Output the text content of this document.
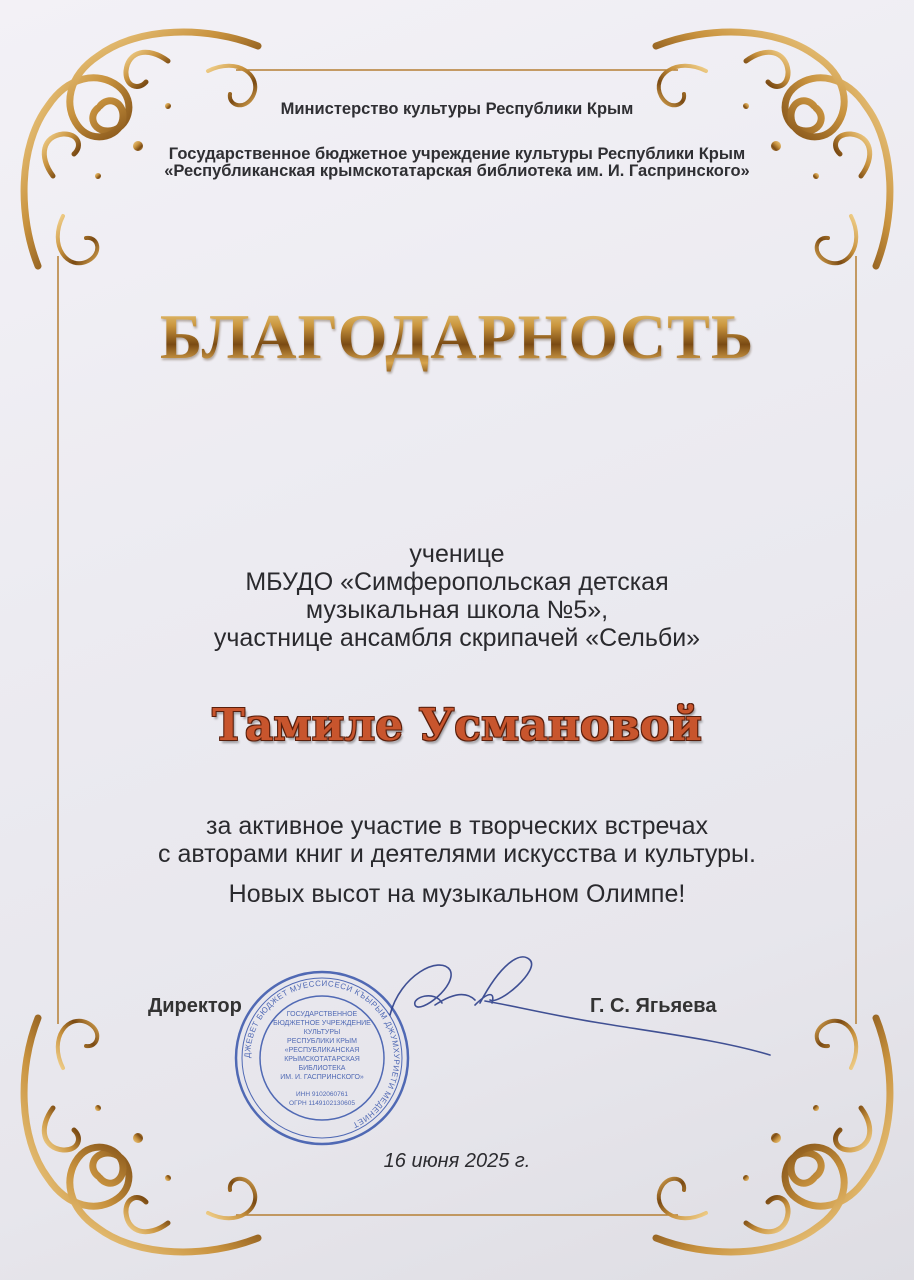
Министерство культуры Республики Крым
Государственное бюджетное учреждение культуры Республики Крым
«Республиканская крымскотатарская библиотека им. И. Гаспринского»
БЛАГОДАРНОСТЬ
ученице
МБУДО «Симферопольская детская
музыкальная школа №5»,
участнице ансамбля скрипачей «Сельби»
Тамиле Усмановой
за активное участие в творческих встречах
с авторами книг и деятелями искусства и культуры.
Новых высот на музыкальном Олимпе!
Директор	Г. С. Ягьяева
ДЖЕВЕТ БЮДЖЕТ МУЕССИСЕСИ КЪЫРЫМ ДЖУМХУРИЕТИ МЕДЕНИЕТ
ГОСУДАРСТВЕННОЕ
БЮДЖЕТНОЕ УЧРЕЖДЕНИЕ
КУЛЬТУРЫ
РЕСПУБЛИКИ КРЫМ
«РЕСПУБЛИКАНСКАЯ
КРЫМСКОТАТАРСКАЯ
БИБЛИОТЕКА
ИМ. И. ГАСПРИНСКОГО»
ИНН 9102060761
ОГРН 1149102130605
16 июня 2025 г.
